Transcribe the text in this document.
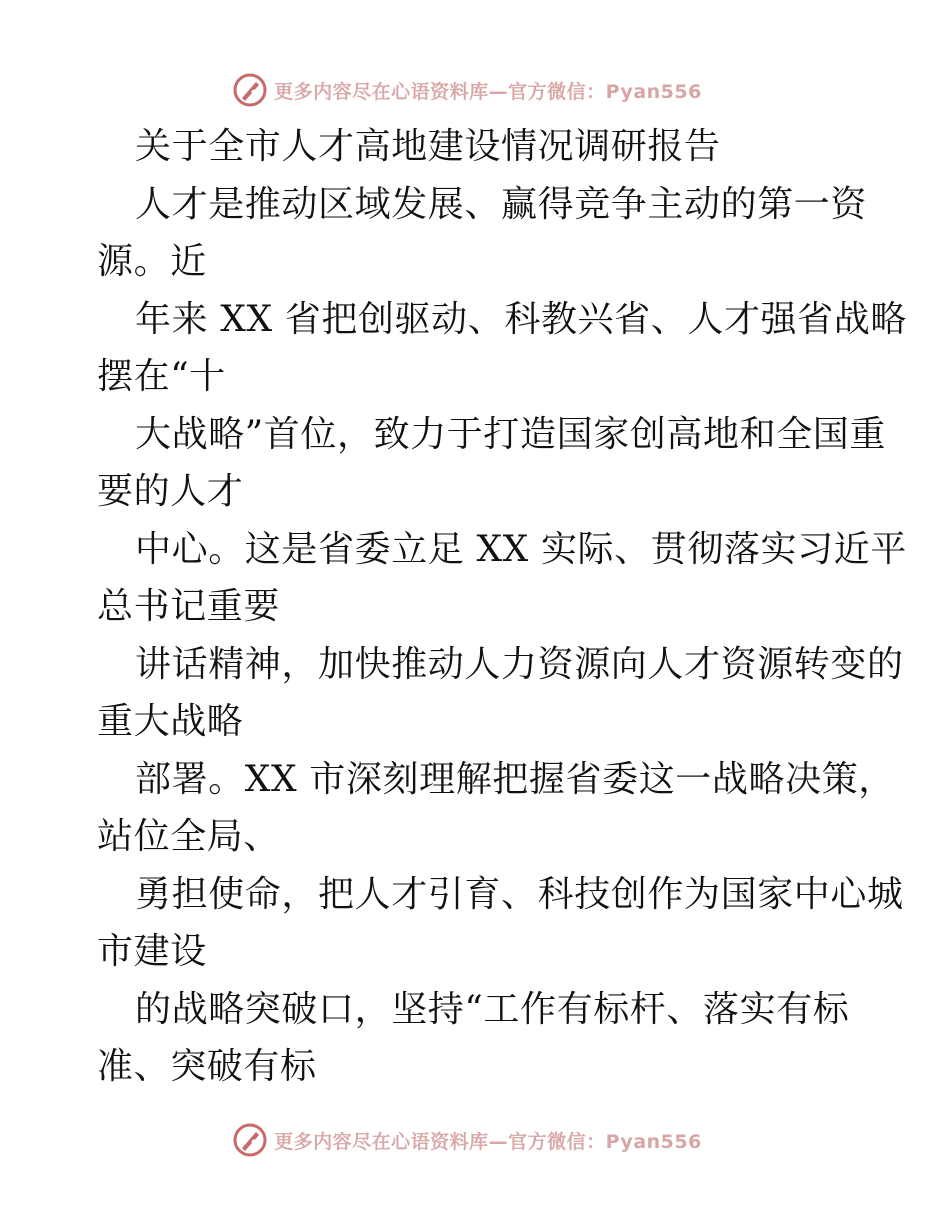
更多内容尽在心语资料库—官方微信：Pyan556
关于全市人才高地建设情况调研报告
人才是推动区域发展、赢得竞争主动的第一资
源。近
年来 XX 省把创驱动、科教兴省、人才强省战略
摆在“十
大战略”首位，致力于打造国家创高地和全国重
要的人才
中心。这是省委立足 XX 实际、贯彻落实习近平
总书记重要
讲话精神，加快推动人力资源向人才资源转变的
重大战略
部署。XX 市深刻理解把握省委这一战略决策，
站位全局、
勇担使命，把人才引育、科技创作为国家中心城
市建设
的战略突破口，坚持“工作有标杆、落实有标
准、突破有标
更多内容尽在心语资料库—官方微信：Pyan556
